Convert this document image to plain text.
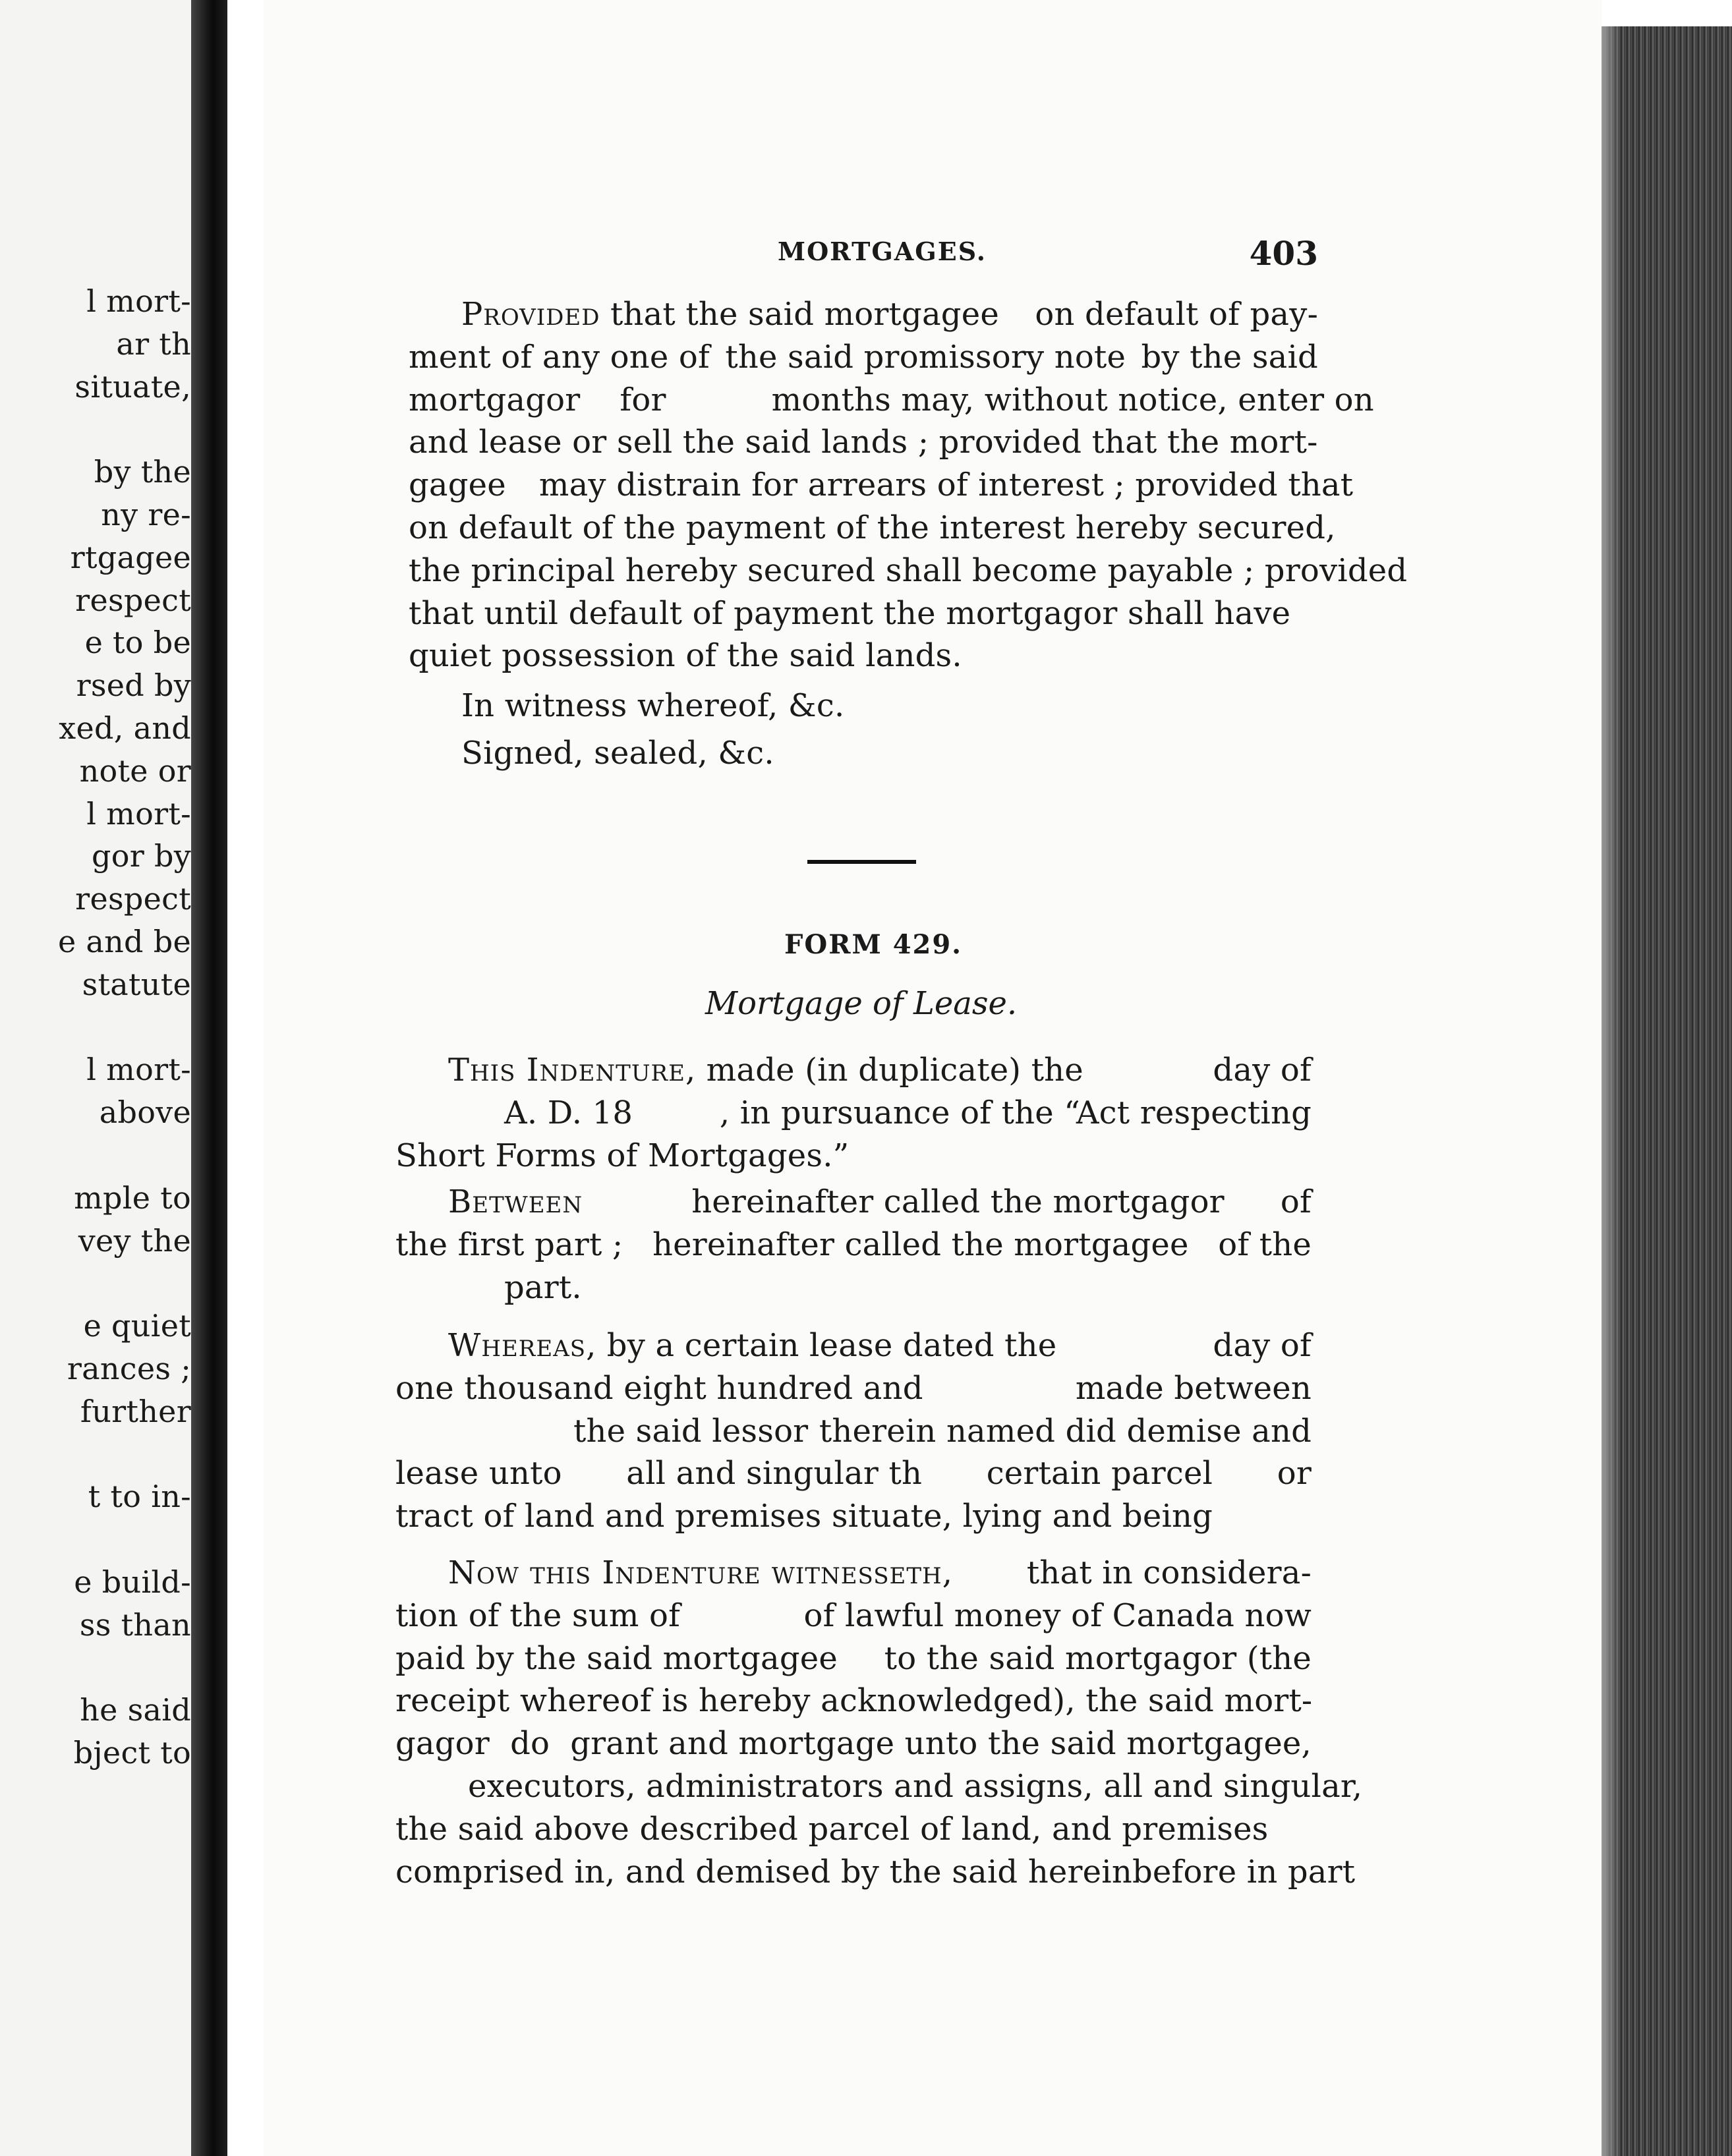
l mort-
ar th
situate,
by the
ny re-
rtgagee
respect
e to be
rsed by
xed, and
note or
l mort-
gor by
respect
e and be
statute
l mort-
above
mple to
vey the
e quiet
rances ;
further
t to in-
e build-
ss than
he said
bject to
MORTGAGES.	403
Provided that the said mortgagee on default of pay-
ment of any one of the said promissory note by the said
mortgagor for	months may, without notice, enter on
and lease or sell the said lands ; provided that the mort-
gagee may distrain for arrears of interest ; provided that
on default of the payment of the interest hereby secured,
the principal hereby secured shall become payable ; provided
that until default of payment the mortgagor shall have
quiet possession of the said lands.
In witness whereof, &c.
Signed, sealed, &c.
FORM 429.
Mortgage of Lease.
This Indenture, made (in duplicate) the	day of
A. D. 18	, in pursuance of the “Act respecting
Short Forms of Mortgages.”
Between	hereinafter called the mortgagor of
the first part ; hereinafter called the mortgagee of the
part.
Whereas, by a certain lease dated the	day of
one thousand eight hundred and	made between
the said lessor therein named did demise and
lease unto all and singular th certain parcel or
tract of land and premises situate, lying and being
Now this Indenture witnesseth, that in considera-
tion of the sum of	of lawful money of Canada now
paid by the said mortgagee to the said mortgagor (the
receipt whereof is hereby acknowledged), the said mort-
gagor do grant and mortgage unto the said mortgagee,
executors, administrators and assigns, all and singular,
the said above described parcel of land, and premises
comprised in, and demised by the said hereinbefore in part
